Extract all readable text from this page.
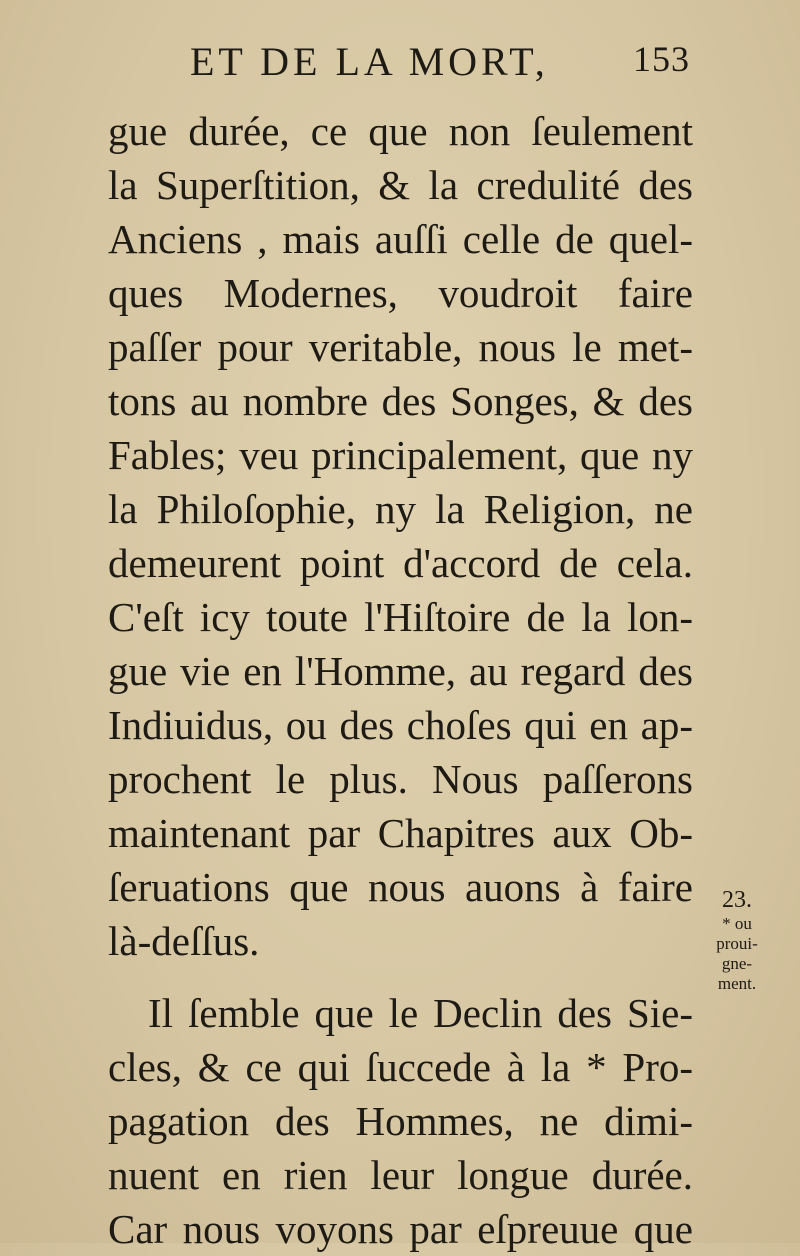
ET DE LA MORT, 153
gue durée, ce que non ſeulement
la Superſtition, & la credulité des
Anciens , mais auſſi celle de quel-
ques Modernes, voudroit faire
paſſer pour veritable, nous le met-
tons au nombre des Songes, & des
Fables; veu principalement, que ny
la Philoſophie, ny la Religion, ne
demeurent point d'accord de cela.
C'eſt icy toute l'Hiſtoire de la lon-
gue vie en l'Homme, au regard des
Indiuidus, ou des choſes qui en ap-
prochent le plus. Nous paſſerons
maintenant par Chapitres aux Ob-
ſeruations que nous auons à faire
là-deſſus.
Il ſemble que le Declin des Sie-
cles, & ce qui ſuccede à la * Pro-
pagation des Hommes, ne dimi-
nuent en rien leur longue durée.
Car nous voyons par eſpreuue que
23.
* ou
proui-
gne-
ment.
